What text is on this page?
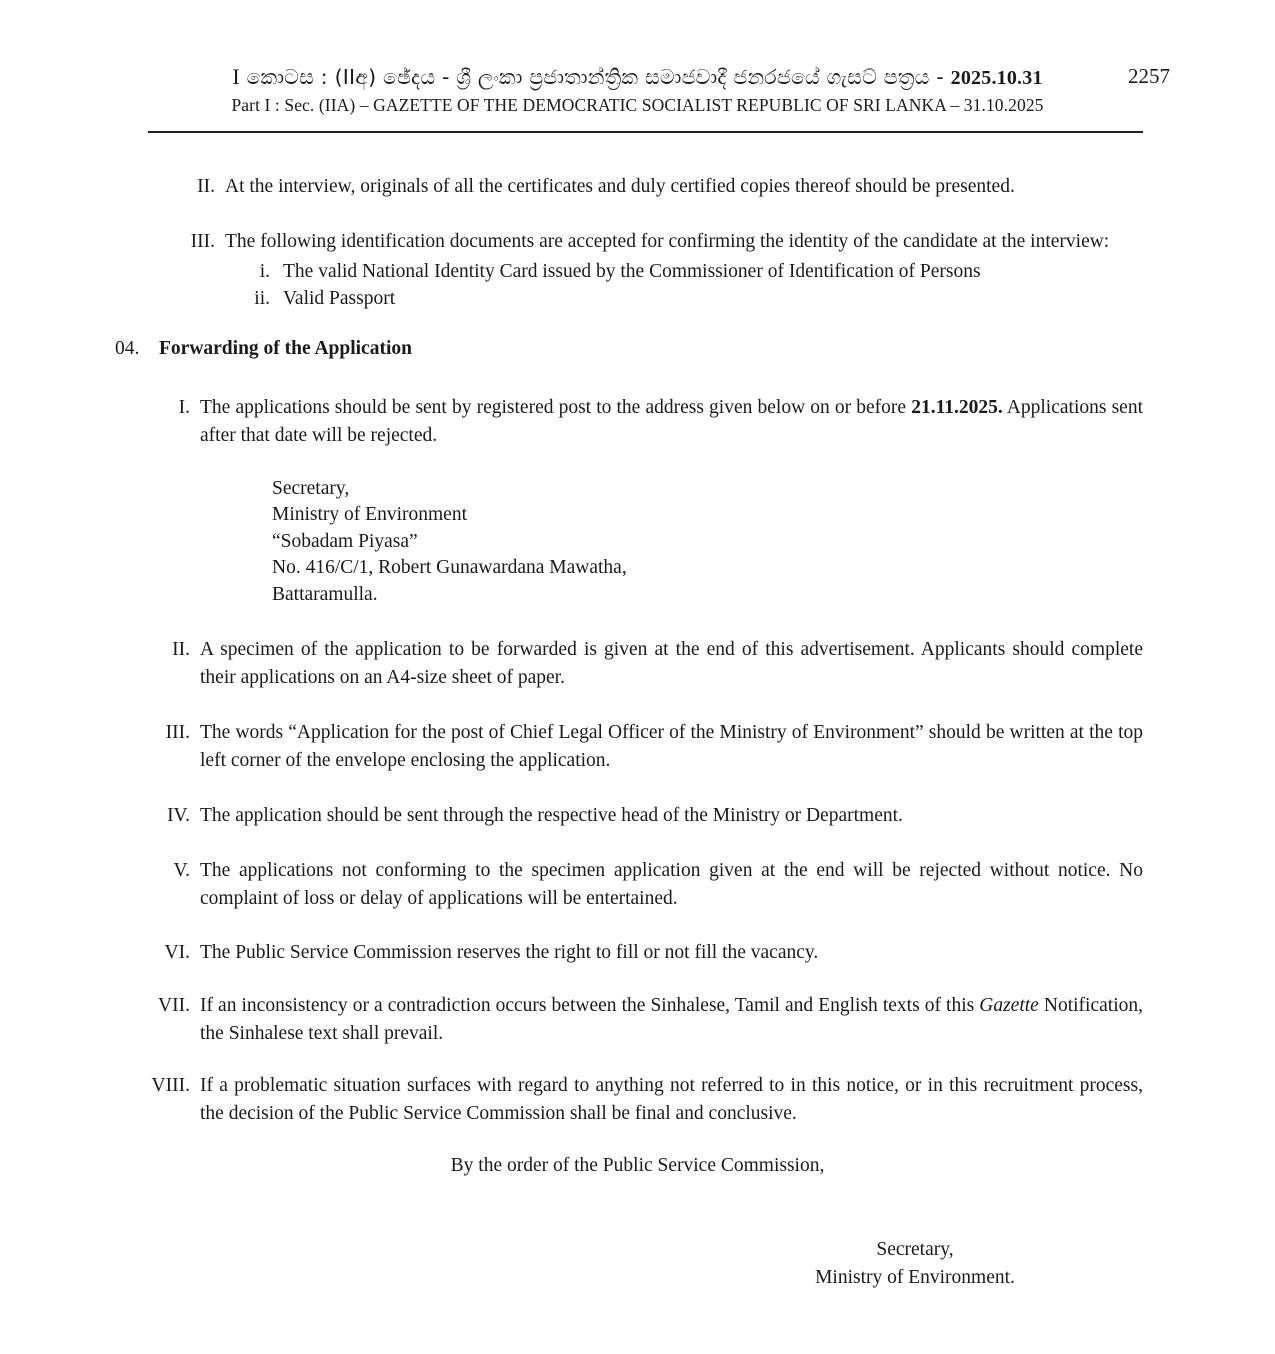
I කොටස : (IIඅ) ඡේදය - ශ්‍රී ලංකා ප්‍රජාතාන්ත්‍රික සමාජවාදී ජනරජයේ ගැසට් පත්‍රය - 2025.10.31	2257
Part I : Sec. (IIA) – GAZETTE OF THE DEMOCRATIC SOCIALIST REPUBLIC OF SRI LANKA – 31.10.2025
II. At the interview, originals of all the certificates and duly certified copies thereof should be presented.
III. The following identification documents are accepted for confirming the identity of the candidate at the interview:
i. The valid National Identity Card issued by the Commissioner of Identification of Persons
ii. Valid Passport
04.	Forwarding of the Application
I. The applications should be sent by registered post to the address given below on or before 21.11.2025. Applications sent after that date will be rejected.
Secretary,
Ministry of Environment
“Sobadam Piyasa”
No. 416/C/1, Robert Gunawardana Mawatha,
Battaramulla.
II. A specimen of the application to be forwarded is given at the end of this advertisement. Applicants should complete their applications on an A4-size sheet of paper.
III. The words “Application for the post of Chief Legal Officer of the Ministry of Environment” should be written at the top left corner of the envelope enclosing the application.
IV. The application should be sent through the respective head of the Ministry or Department.
V. The applications not conforming to the specimen application given at the end will be rejected without notice. No complaint of loss or delay of applications will be entertained.
VI. The Public Service Commission reserves the right to fill or not fill the vacancy.
VII. If an inconsistency or a contradiction occurs between the Sinhalese, Tamil and English texts of this Gazette Notification, the Sinhalese text shall prevail.
VIII. If a problematic situation surfaces with regard to anything not referred to in this notice, or in this recruitment process, the decision of the Public Service Commission shall be final and conclusive.
By the order of the Public Service Commission,
Secretary,
Ministry of Environment.
